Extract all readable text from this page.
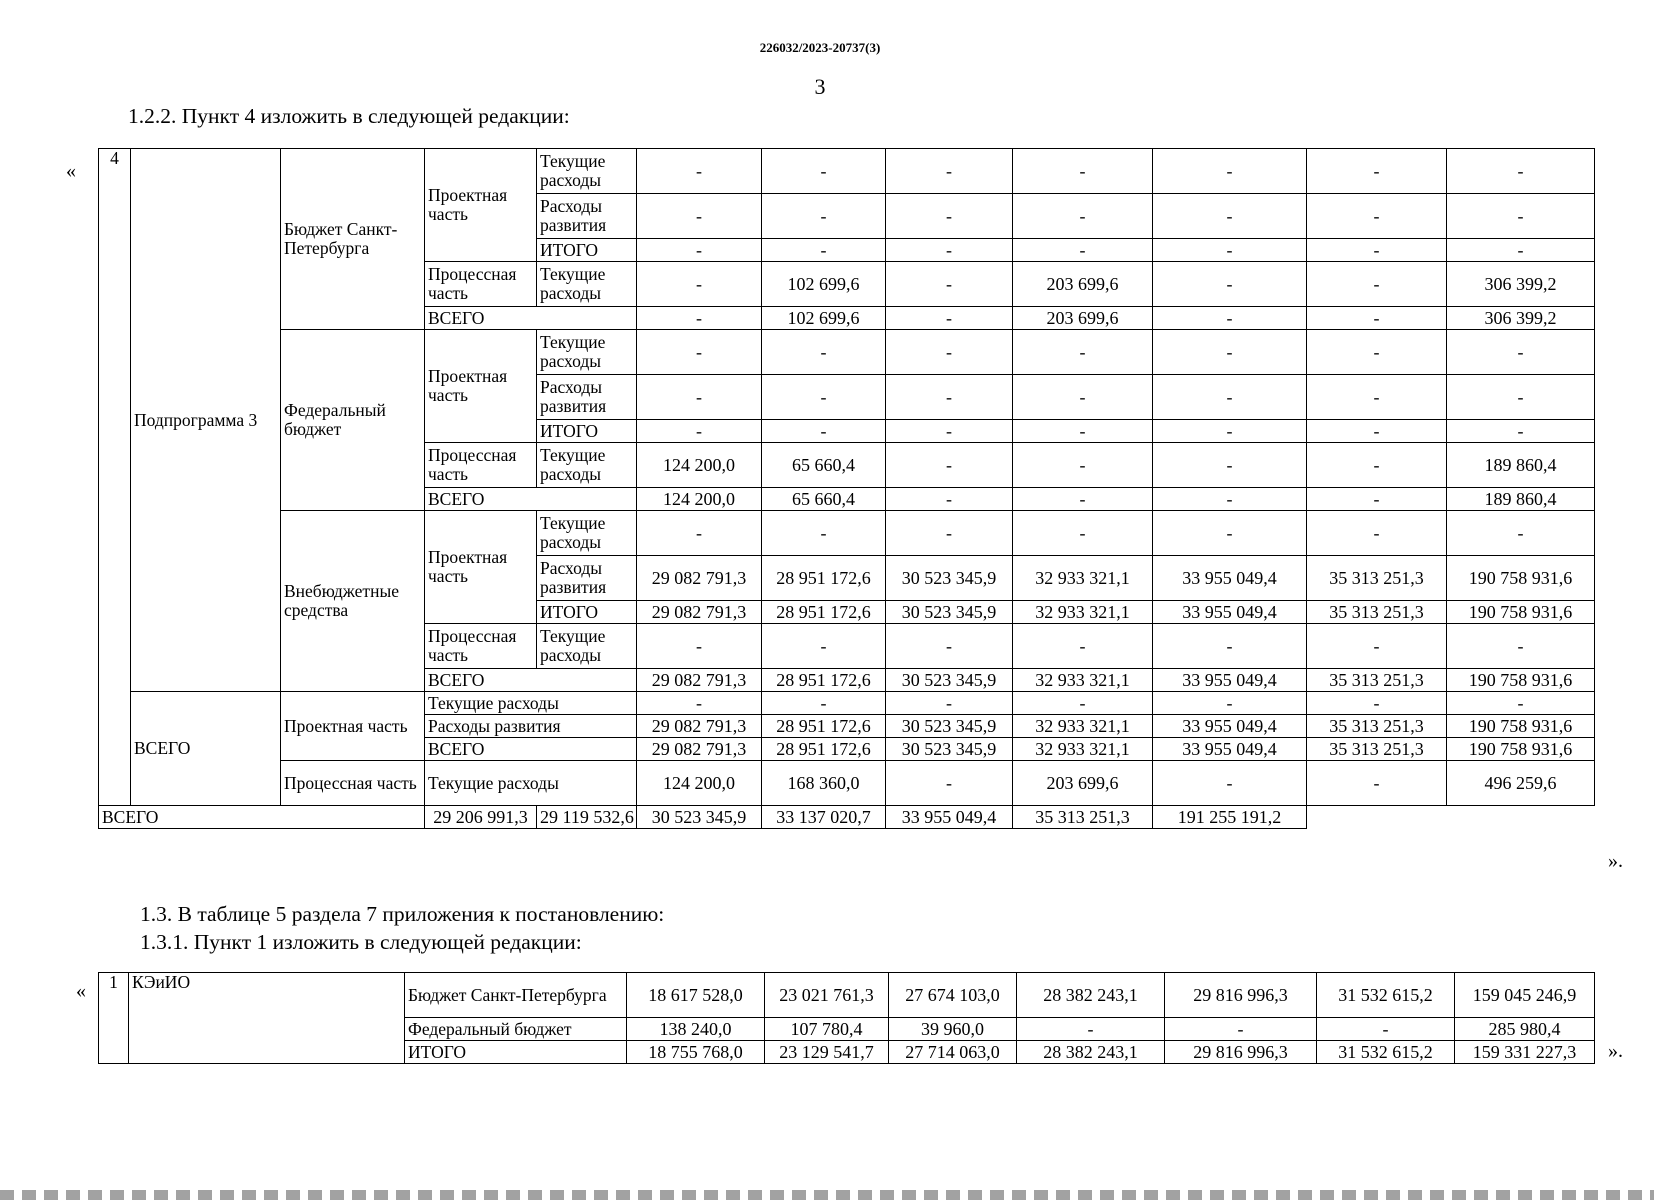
226032/2023-20737(3)
3
1.2.2. Пункт 4 изложить в следующей редакции:
«
».
4	Подпрограмма 3	Бюджет Санкт-Петербурга	Проектная часть	Текущие расходы	-	-	-	-	-	-	-
				Расходы развития	-	-	-	-	-	-	-
				ИТОГО	-	-	-	-	-	-	-
			Процессная часть	Текущие расходы	-	102 699,6	-	203 699,6	-	-	306 399,2
			ВСЕГО		-	102 699,6	-	203 699,6	-	-	306 399,2
		Федеральный бюджет	Проектная часть	Текущие расходы	-	-	-	-	-	-	-
				Расходы развития	-	-	-	-	-	-	-
				ИТОГО	-	-	-	-	-	-	-
			Процессная часть	Текущие расходы	124 200,0	65 660,4	-	-	-	-	189 860,4
			ВСЕГО		124 200,0	65 660,4	-	-	-	-	189 860,4
		Внебюджетные средства	Проектная часть	Текущие расходы	-	-	-	-	-	-	-
				Расходы развития	29 082 791,3	28 951 172,6	30 523 345,9	32 933 321,1	33 955 049,4	35 313 251,3	190 758 931,6
				ИТОГО	29 082 791,3	28 951 172,6	30 523 345,9	32 933 321,1	33 955 049,4	35 313 251,3	190 758 931,6
			Процессная часть	Текущие расходы	-	-	-	-	-	-	-
			ВСЕГО		29 082 791,3	28 951 172,6	30 523 345,9	32 933 321,1	33 955 049,4	35 313 251,3	190 758 931,6
	ВСЕГО	Проектная часть	Текущие расходы		-	-	-	-	-	-	-
			Расходы развития		29 082 791,3	28 951 172,6	30 523 345,9	32 933 321,1	33 955 049,4	35 313 251,3	190 758 931,6
			ВСЕГО		29 082 791,3	28 951 172,6	30 523 345,9	32 933 321,1	33 955 049,4	35 313 251,3	190 758 931,6
		Процессная часть	Текущие расходы		124 200,0	168 360,0	-	203 699,6	-	-	496 259,6
ВСЕГО			29 206 991,3	29 119 532,6	30 523 345,9	33 137 020,7	33 955 049,4	35 313 251,3	191 255 191,2		
1.3. В таблице 5 раздела 7 приложения к постановлению:
1.3.1. Пункт 1 изложить в следующей редакции:
«
».
1	КЭиИО	Бюджет Санкт-Петербурга	18 617 528,0	23 021 761,3	27 674 103,0	28 382 243,1	29 816 996,3	31 532 615,2	159 045 246,9
		Федеральный бюджет	138 240,0	107 780,4	39 960,0	-	-	-	285 980,4
		ИТОГО	18 755 768,0	23 129 541,7	27 714 063,0	28 382 243,1	29 816 996,3	31 532 615,2	159 331 227,3
